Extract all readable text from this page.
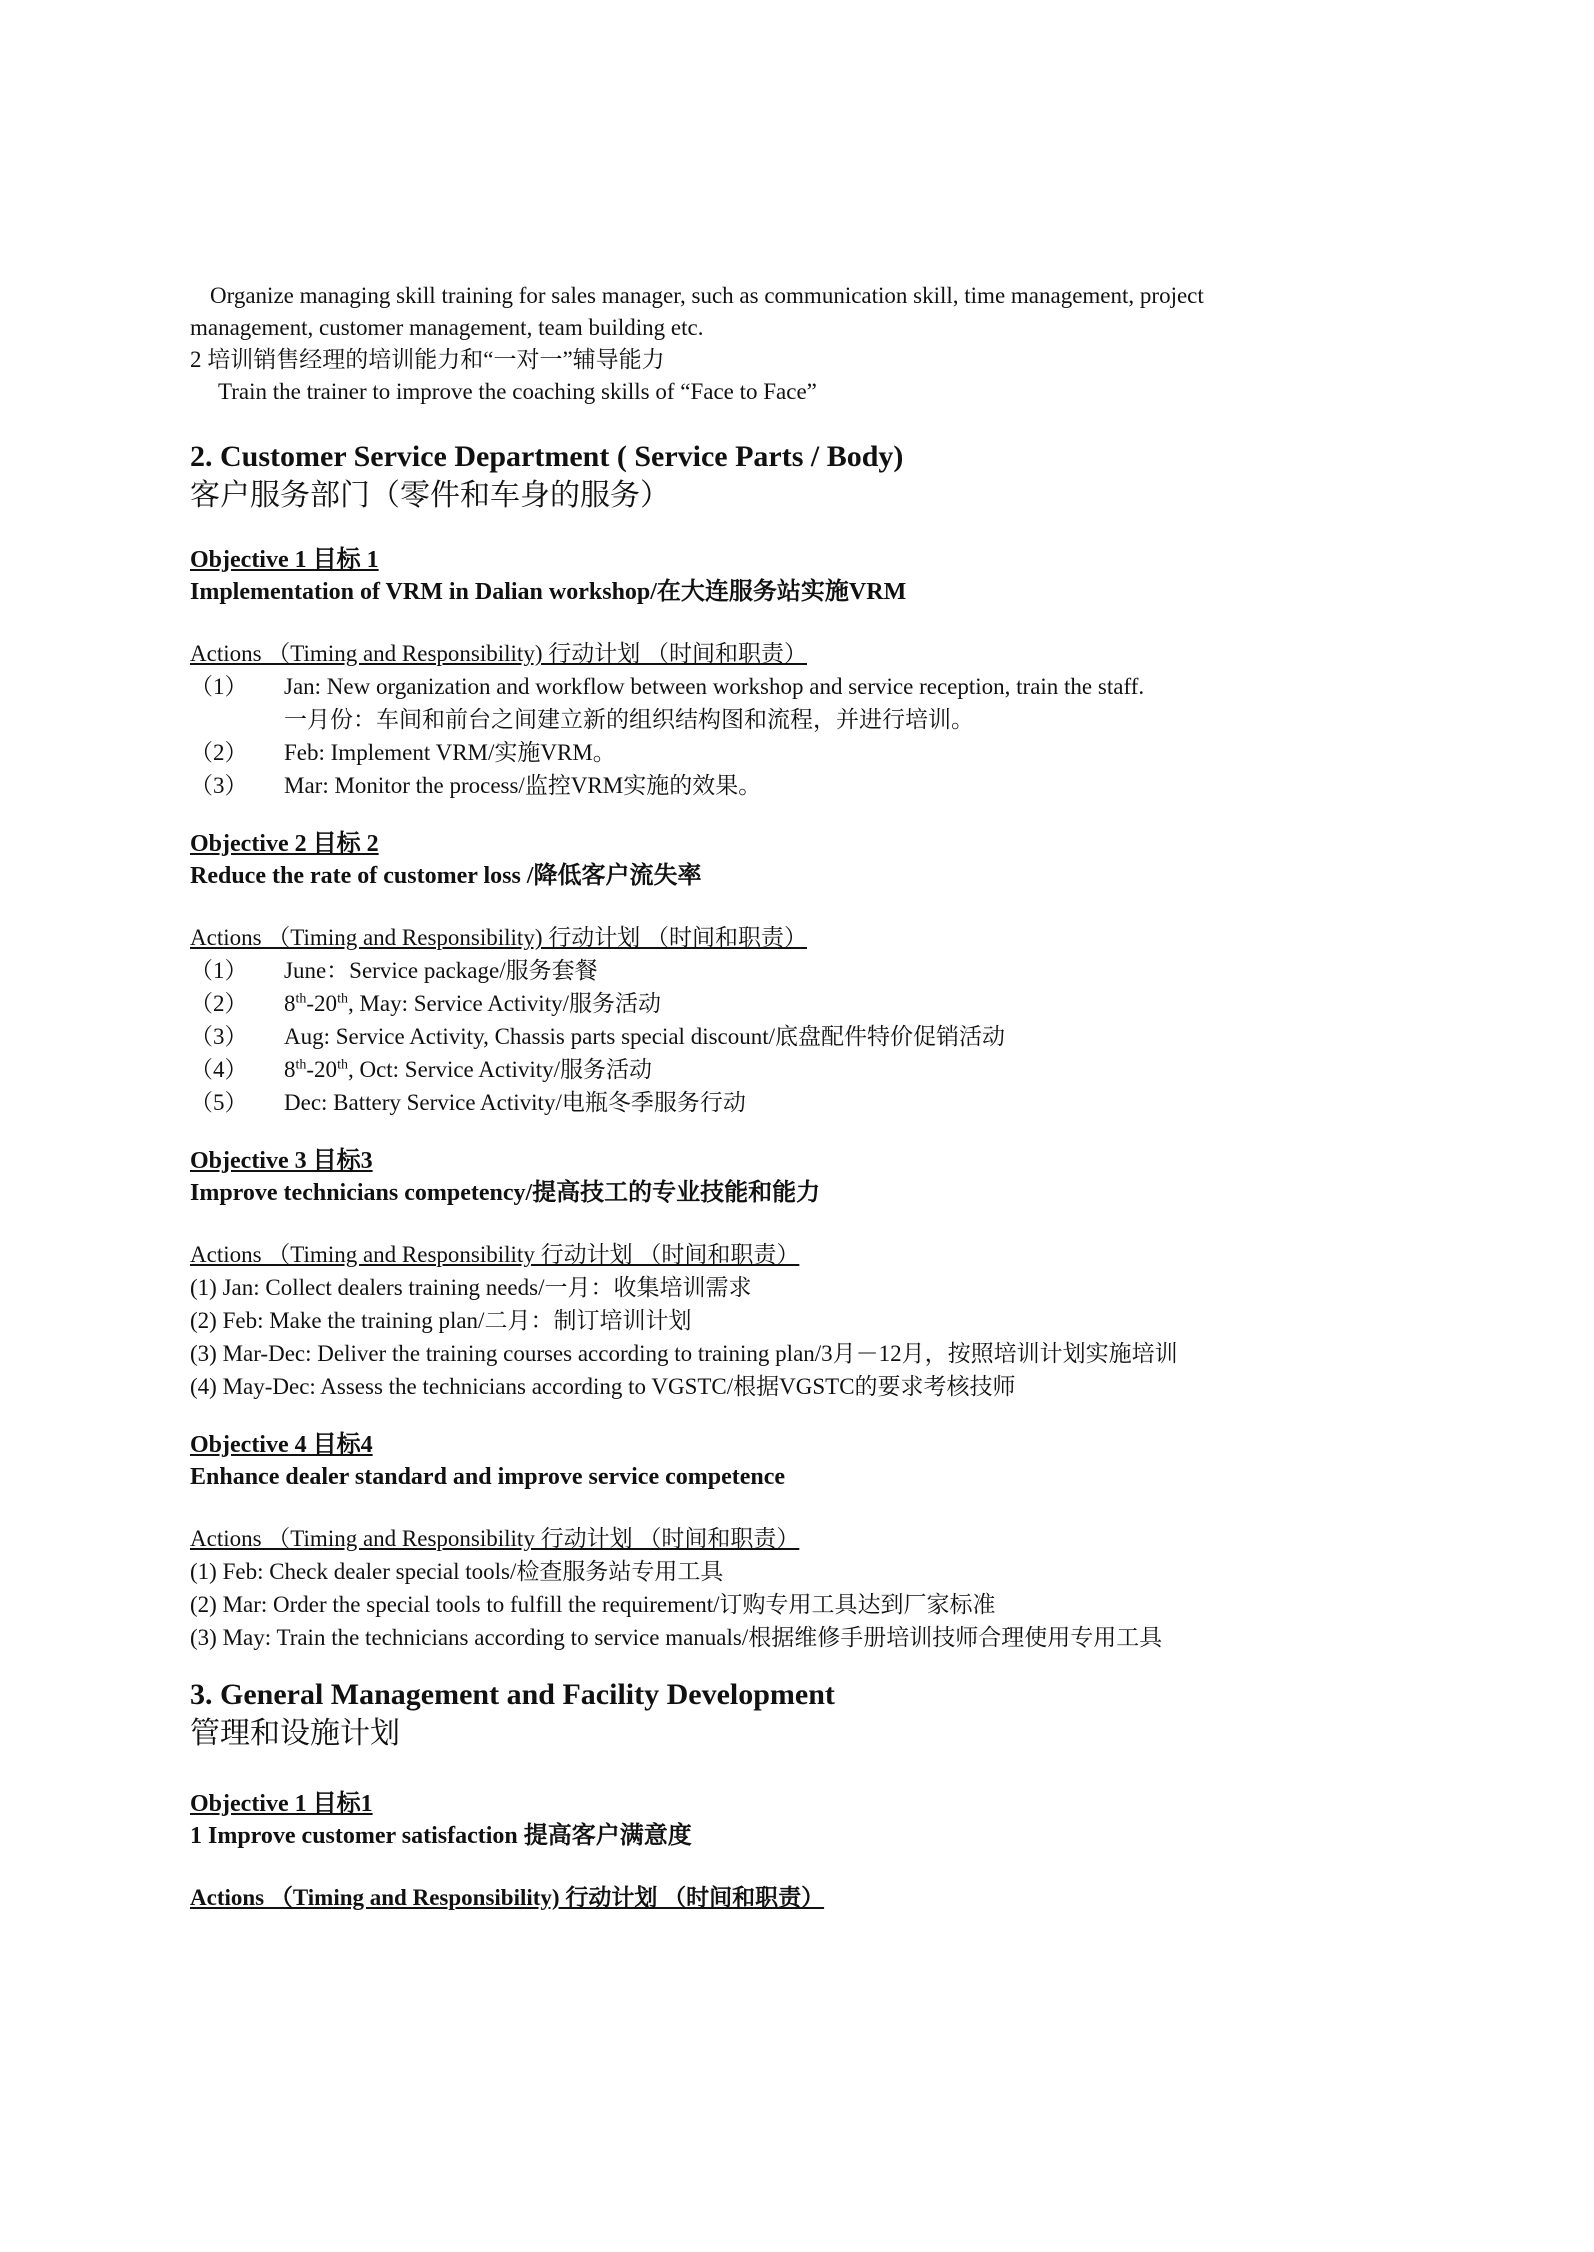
Organize managing skill training for sales manager, such as communication skill, time management, project

management, customer management, team building etc.

2 培训销售经理的培训能力和“一对一”辅导能力

Train the trainer to improve the coaching skills of “Face to Face”

2. Customer Service Department ( Service Parts / Body)
客户服务部门（零件和车身的服务）
Objective 1 目标 1
Implementation of VRM in Dalian workshop/在大连服务站实施VRM
Actions （Timing and Responsibility) 行动计划 （时间和职责）
（1）	Jan: New organization and workflow between workshop and service reception, train the staff.
一月份：车间和前台之间建立新的组织结构图和流程，并进行培训。
（2）	Feb: Implement VRM/实施VRM。
（3）	Mar: Monitor the process/监控VRM实施的效果。
Objective 2 目标 2
Reduce the rate of customer loss /降低客户流失率
Actions （Timing and Responsibility) 行动计划 （时间和职责）
（1）	June：Service package/服务套餐
（2）	8th-20th, May: Service Activity/服务活动
（3）	Aug: Service Activity, Chassis parts special discount/底盘配件特价促销活动
（4）	8th-20th, Oct: Service Activity/服务活动
（5）	Dec: Battery Service Activity/电瓶冬季服务行动
Objective 3 目标3
Improve technicians competency/提高技工的专业技能和能力
Actions （Timing and Responsibility 行动计划 （时间和职责）
(1) Jan: Collect dealers training needs/一月：收集培训需求
(2) Feb: Make the training plan/二月：制订培训计划
(3) Mar-Dec: Deliver the training courses according to training plan/3月－12月，按照培训计划实施培训
(4) May-Dec: Assess the technicians according to VGSTC/根据VGSTC的要求考核技师
Objective 4 目标4
Enhance dealer standard and improve service competence
Actions （Timing and Responsibility 行动计划 （时间和职责）
(1) Feb: Check dealer special tools/检查服务站专用工具
(2) Mar: Order the special tools to fulfill the requirement/订购专用工具达到厂家标准
(3) May: Train the technicians according to service manuals/根据维修手册培训技师合理使用专用工具
3. General Management and Facility Development
管理和设施计划
Objective 1 目标1
1 Improve customer satisfaction 提高客户满意度
Actions （Timing and Responsibility) 行动计划 （时间和职责）
